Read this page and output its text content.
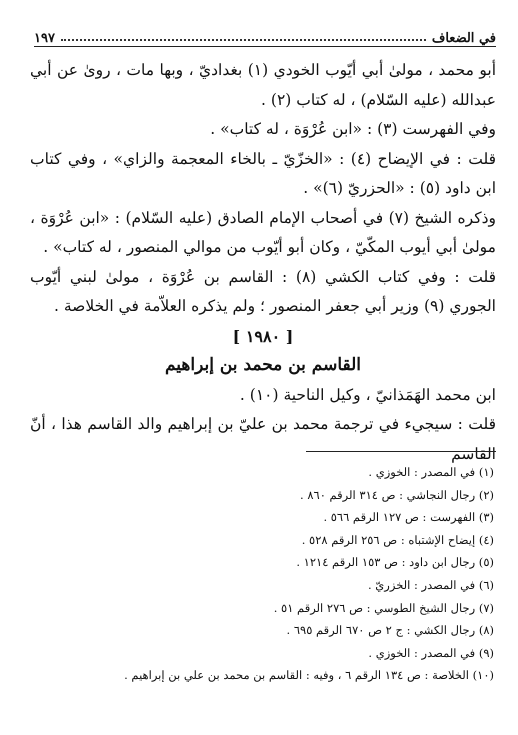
في الضعاف
١٩٧

أبو محمد ، مولىٰ أبي أيّوب الخودي (١) بغداديّ ، وبها مات ، روىٰ عن أبي عبدالله (عليه السّلام) ، له كتاب (٢) .

وفي الفهرست (٣) : «ابن عُرْوَة ، له كتاب» .

قلت : في الإيضاح (٤) : «الخزّيّ ـ بالخاء المعجمة والزاي» ، وفي كتاب ابن داود (٥) : «الحزريّ (٦)» .

وذكره الشيخ (٧) في أصحاب الإمام الصادق (عليه السّلام) : «ابن عُرْوَة ، مولىٰ أبي أيوب المكّيّ ، وكان أبو أيّوب من موالي المنصور ، له كتاب» .

قلت : وفي كتاب الكشي (٨) : القاسم بن عُرْوَة ، مولىٰ لبني أيّوب الجوري (٩) وزير أبي جعفر المنصور ؛ ولم يذكره العلاّمة في الخلاصة .

[ ١٩٨٠ ]

القاسم بن محمد بن إبراهيم

ابن محمد الهَمَذانيّ ، وكيل الناحية (١٠) .

قلت : سيجيء في ترجمة محمد بن عليّ بن إبراهيم والد القاسم هذا ، أنّ القاسم

(١) في المصدر : الخوزي .
(٢) رجال النجاشي : ص ٣١٤ الرقم ٨٦٠ .
(٣) الفهرست : ص ١٢٧ الرقم ٥٦٦ .
(٤) إيضاح الإشتباه : ص ٢٥٦ الرقم ٥٢٨ .
(٥) رجال ابن داود : ص ١٥٣ الرقم ١٢١٤ .
(٦) في المصدر : الخزريّ .
(٧) رجال الشيخ الطوسي : ص ٢٧٦ الرقم ٥١ .
(٨) رجال الكشي : ج ٢ ص ٦٧٠ الرقم ٦٩٥ .
(٩) في المصدر : الخوزي .
(١٠) الخلاصة : ص ١٣٤ الرقم ٦ ، وفيه : القاسم بن محمد بن علي بن إبراهيم .
